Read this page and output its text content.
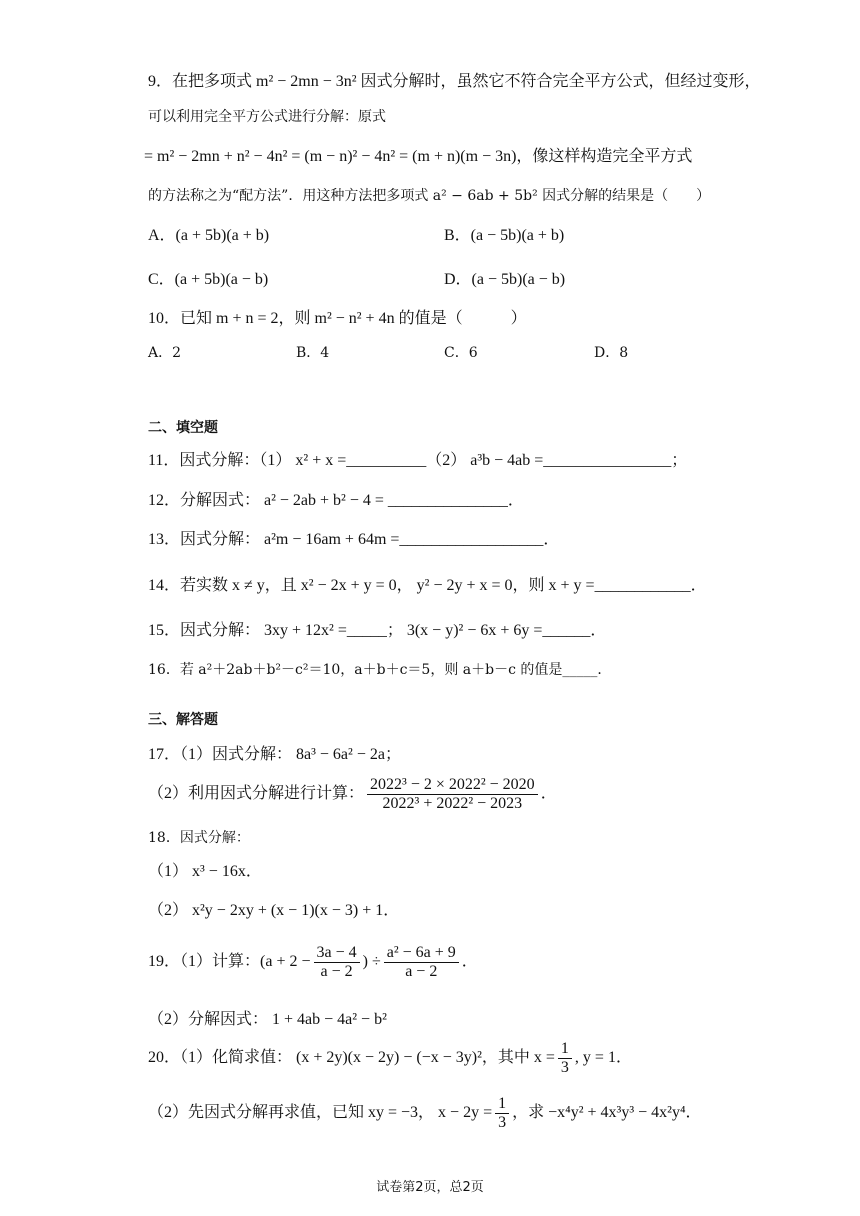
9．在把多项式 m² − 2mn − 3n² 因式分解时，虽然它不符合完全平方公式，但经过变形，
可以利用完全平方公式进行分解：原式
= m² − 2mn + n² − 4n² = (m − n)² − 4n² = (m + n)(m − 3n)，像这样构造完全平方式
的方法称之为“配方法”．用这种方法把多项式 a² − 6ab + 5b² 因式分解的结果是（　　）
A．(a + 5b)(a + b)	B．(a − 5b)(a + b)
C．(a + 5b)(a − b)	D．(a − 5b)(a − b)
10．已知 m + n = 2，则 m² − n² + 4n 的值是（　　　）
A．2	B．4	C．6	D．8
二、填空题
11．因式分解：（1） x² + x =__________（2） a³b − 4ab =________________；
12．分解因式： a² − 2ab + b² − 4 = _______________．
13．因式分解： a²m − 16am + 64m =__________________．
14．若实数 x ≠ y，且 x² − 2x + y = 0， y² − 2y + x = 0，则 x + y =____________．
15．因式分解： 3xy + 12x² =_____； 3(x − y)² − 6x + 6y =______．
16．若 a²＋2ab＋b²－c²＝10，a＋b＋c＝5，则 a＋b－c 的值是_____．
三、解答题
17．（1）因式分解： 8a³ − 6a² − 2a；
（2）利用因式分解进行计算： $\frac{\text{2022³ − 2 × 2022² − 2020}}{\text{2022³ + 2022² − 2023}}$ ．
18．因式分解：
（1） x³ − 16x．
（2） x²y − 2xy + (x − 1)(x − 3) + 1．
19．（1）计算：($a + 2 - \frac{3a - 4}{a - 2}$ ) ÷ $\frac{\text{a² − 6a + 9}}{a - 2}$ ．
（2）分解因式： 1 + 4ab − 4a² − b²
20．（1）化简求值： (x + 2y)(x − 2y) − (−x − 3y)²，其中 $x = \frac{1}{3}$ , y = 1．
（2）先因式分解再求值，已知 xy = −3， $x - 2y = \frac{1}{3}$ ，求 −x⁴y² + 4x³y³ − 4x²y⁴．
试卷第2页，总2页
